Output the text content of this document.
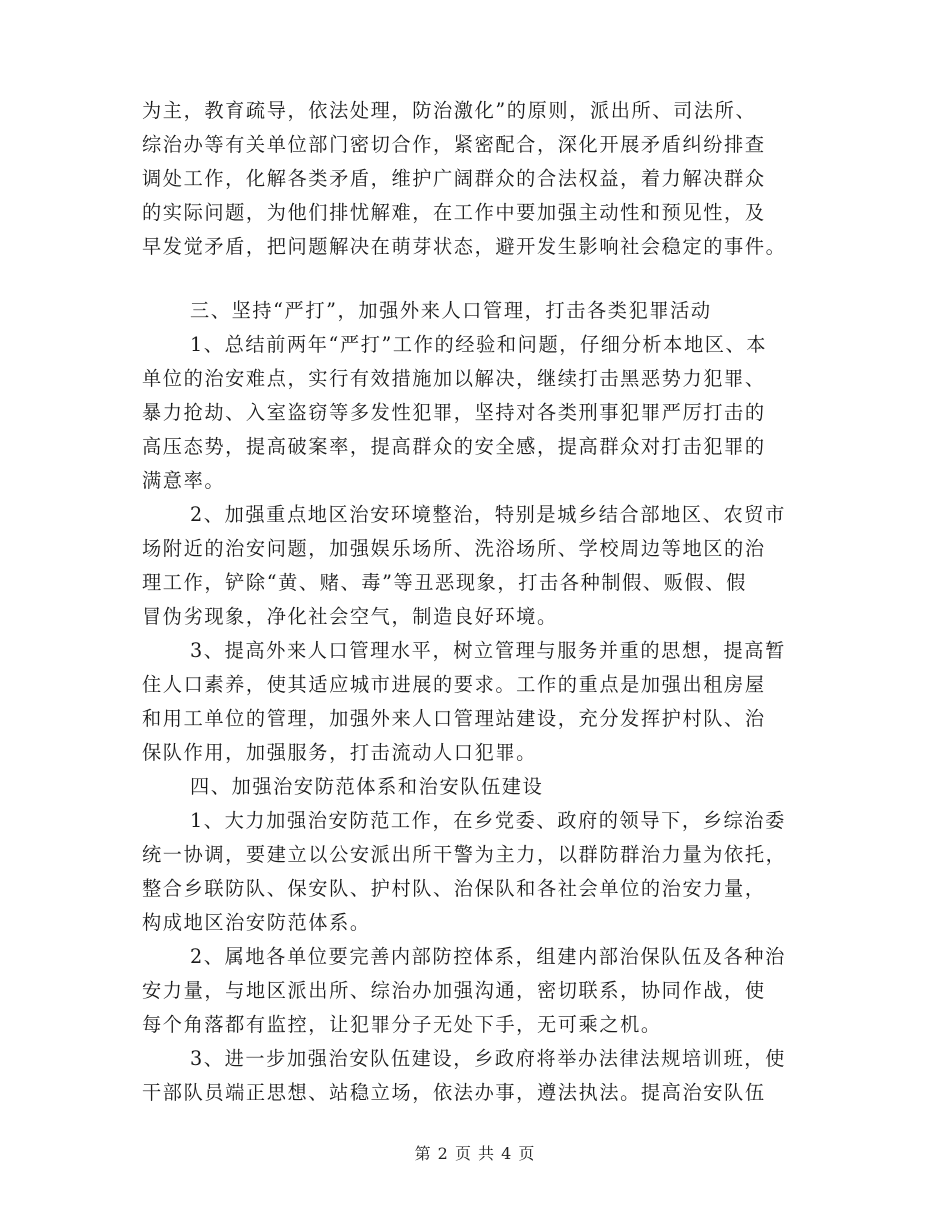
为主，教育疏导，依法处理，防治激化”的原则，派出所、司法所、
综治办等有关单位部门密切合作，紧密配合，深化开展矛盾纠纷排查
调处工作，化解各类矛盾，维护广阔群众的合法权益，着力解决群众
的实际问题，为他们排忧解难，在工作中要加强主动性和预见性，及
早发觉矛盾，把问题解决在萌芽状态，避开发生影响社会稳定的事件。
三、坚持“严打”，加强外来人口管理，打击各类犯罪活动
1、总结前两年“严打”工作的经验和问题，仔细分析本地区、本
单位的治安难点，实行有效措施加以解决，继续打击黑恶势力犯罪、
暴力抢劫、入室盗窃等多发性犯罪，坚持对各类刑事犯罪严厉打击的
高压态势，提高破案率，提高群众的安全感，提高群众对打击犯罪的
满意率。
2、加强重点地区治安环境整治，特别是城乡结合部地区、农贸市
场附近的治安问题，加强娱乐场所、洗浴场所、学校周边等地区的治
理工作，铲除“黄、赌、毒”等丑恶现象，打击各种制假、贩假、假
冒伪劣现象，净化社会空气，制造良好环境。
3、提高外来人口管理水平，树立管理与服务并重的思想，提高暂
住人口素养，使其适应城市进展的要求。工作的重点是加强出租房屋
和用工单位的管理，加强外来人口管理站建设，充分发挥护村队、治
保队作用，加强服务，打击流动人口犯罪。
四、加强治安防范体系和治安队伍建设
1、大力加强治安防范工作，在乡党委、政府的领导下，乡综治委
统一协调，要建立以公安派出所干警为主力，以群防群治力量为依托，
整合乡联防队、保安队、护村队、治保队和各社会单位的治安力量，
构成地区治安防范体系。
2、属地各单位要完善内部防控体系，组建内部治保队伍及各种治
安力量，与地区派出所、综治办加强沟通，密切联系，协同作战，使
每个角落都有监控，让犯罪分子无处下手，无可乘之机。
3、进一步加强治安队伍建设，乡政府将举办法律法规培训班，使
干部队员端正思想、站稳立场，依法办事，遵法执法。提高治安队伍
第 2 页 共 4 页
